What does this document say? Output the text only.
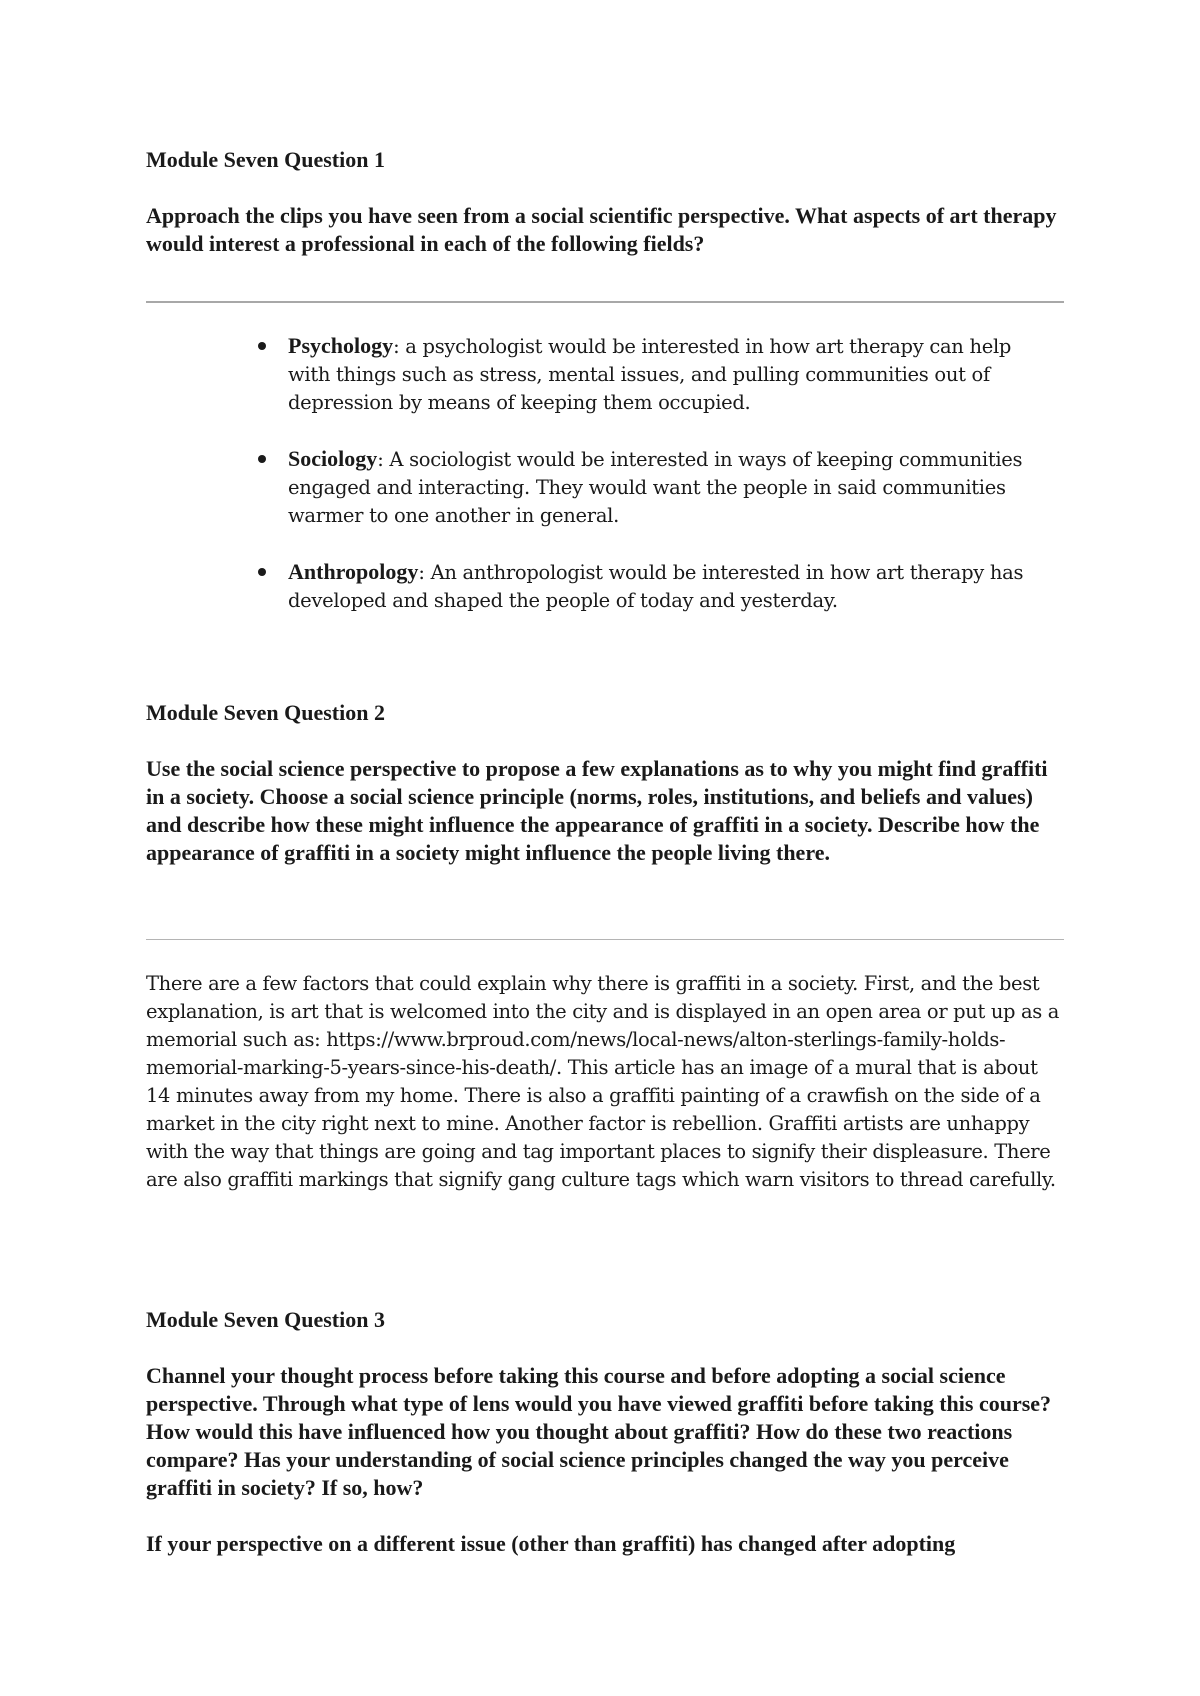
Module Seven Question 1

Approach the clips you have seen from a social scientific perspective. What aspects of art therapy would interest a professional in each of the following fields?

Psychology: a psychologist would be interested in how art therapy can help with things such as stress, mental issues, and pulling communities out of depression by means of keeping them occupied.
Sociology: A sociologist would be interested in ways of keeping communities engaged and interacting. They would want the people in said communities warmer to one another in general.
Anthropology: An anthropologist would be interested in how art therapy has developed and shaped the people of today and yesterday.
Module Seven Question 2

Use the social science perspective to propose a few explanations as to why you might find graffiti in a society. Choose a social science principle (norms, roles, institutions, and beliefs and values) and describe how these might influence the appearance of graffiti in a society. Describe how the appearance of graffiti in a society might influence the people living there.

There are a few factors that could explain why there is graffiti in a society. First, and the best explanation, is art that is welcomed into the city and is displayed in an open area or put up as a memorial such as: https://www.brproud.com/news/local-news/alton-sterlings-family-holds-memorial-marking-5-years-since-his-death/. This article has an image of a mural that is about 14 minutes away from my home. There is also a graffiti painting of a crawfish on the side of a market in the city right next to mine. Another factor is rebellion. Graffiti artists are unhappy with the way that things are going and tag important places to signify their displeasure. There are also graffiti markings that signify gang culture tags which warn visitors to thread carefully.

Module Seven Question 3

Channel your thought process before taking this course and before adopting a social science perspective. Through what type of lens would you have viewed graffiti before taking this course? How would this have influenced how you thought about graffiti? How do these two reactions compare? Has your understanding of social science principles changed the way you perceive graffiti in society? If so, how?

If your perspective on a different issue (other than graffiti) has changed after adopting
